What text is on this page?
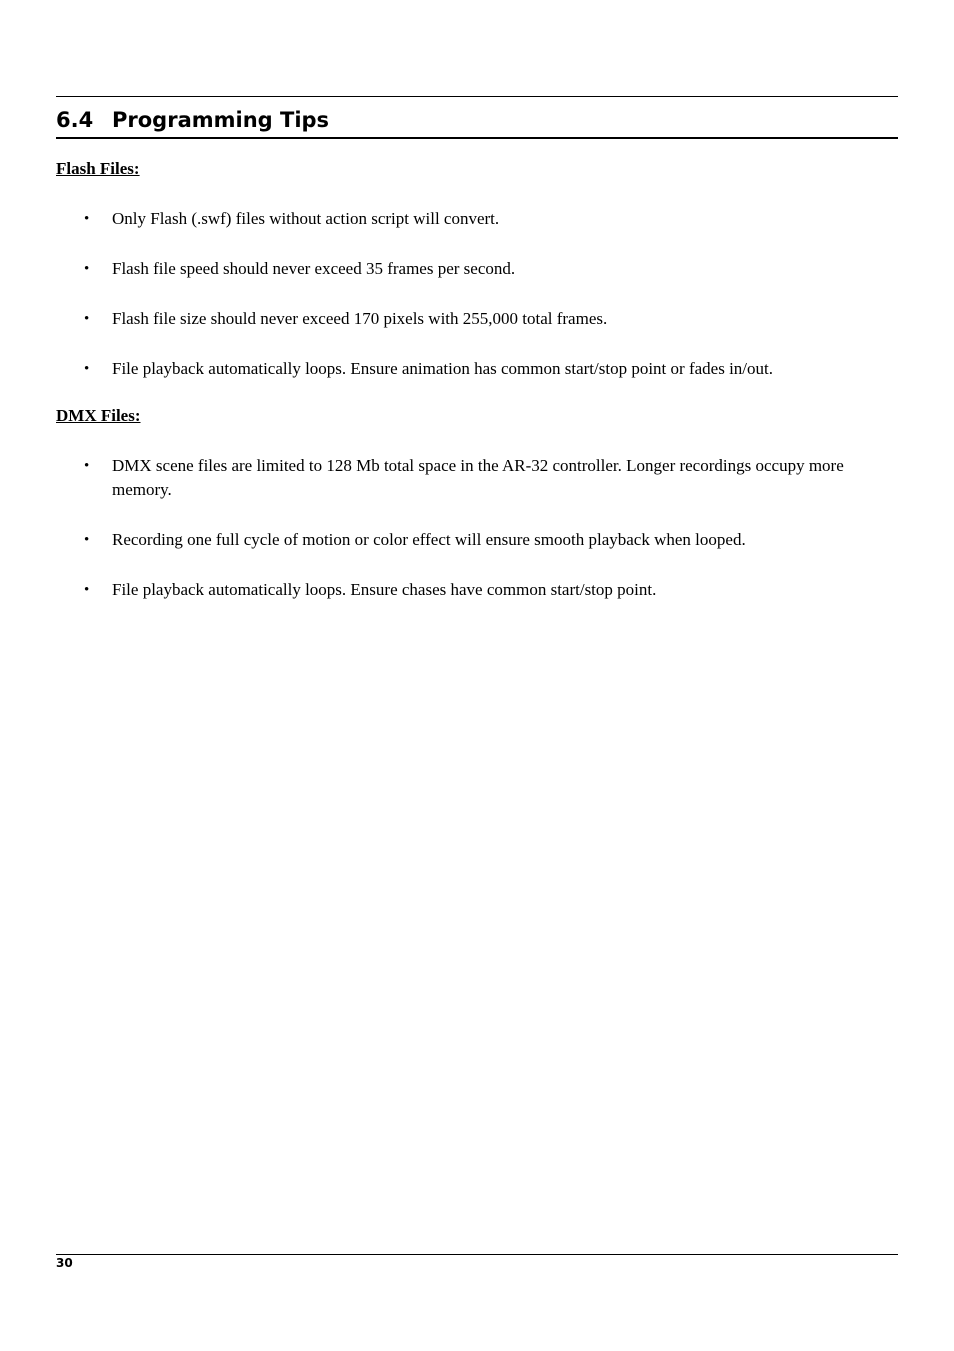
6.4 Programming Tips
Flash Files:
• Only Flash (.swf) files without action script will convert.
• Flash file speed should never exceed 35 frames per second.
• Flash file size should never exceed 170 pixels with 255,000 total frames.
• File playback automatically loops. Ensure animation has common start/stop point or fades in/out.
DMX Files:
• DMX scene files are limited to 128 Mb total space in the AR-32 controller. Longer recordings occupy more memory.
• Recording one full cycle of motion or color effect will ensure smooth playback when looped.
• File playback automatically loops. Ensure chases have common start/stop point.
30
